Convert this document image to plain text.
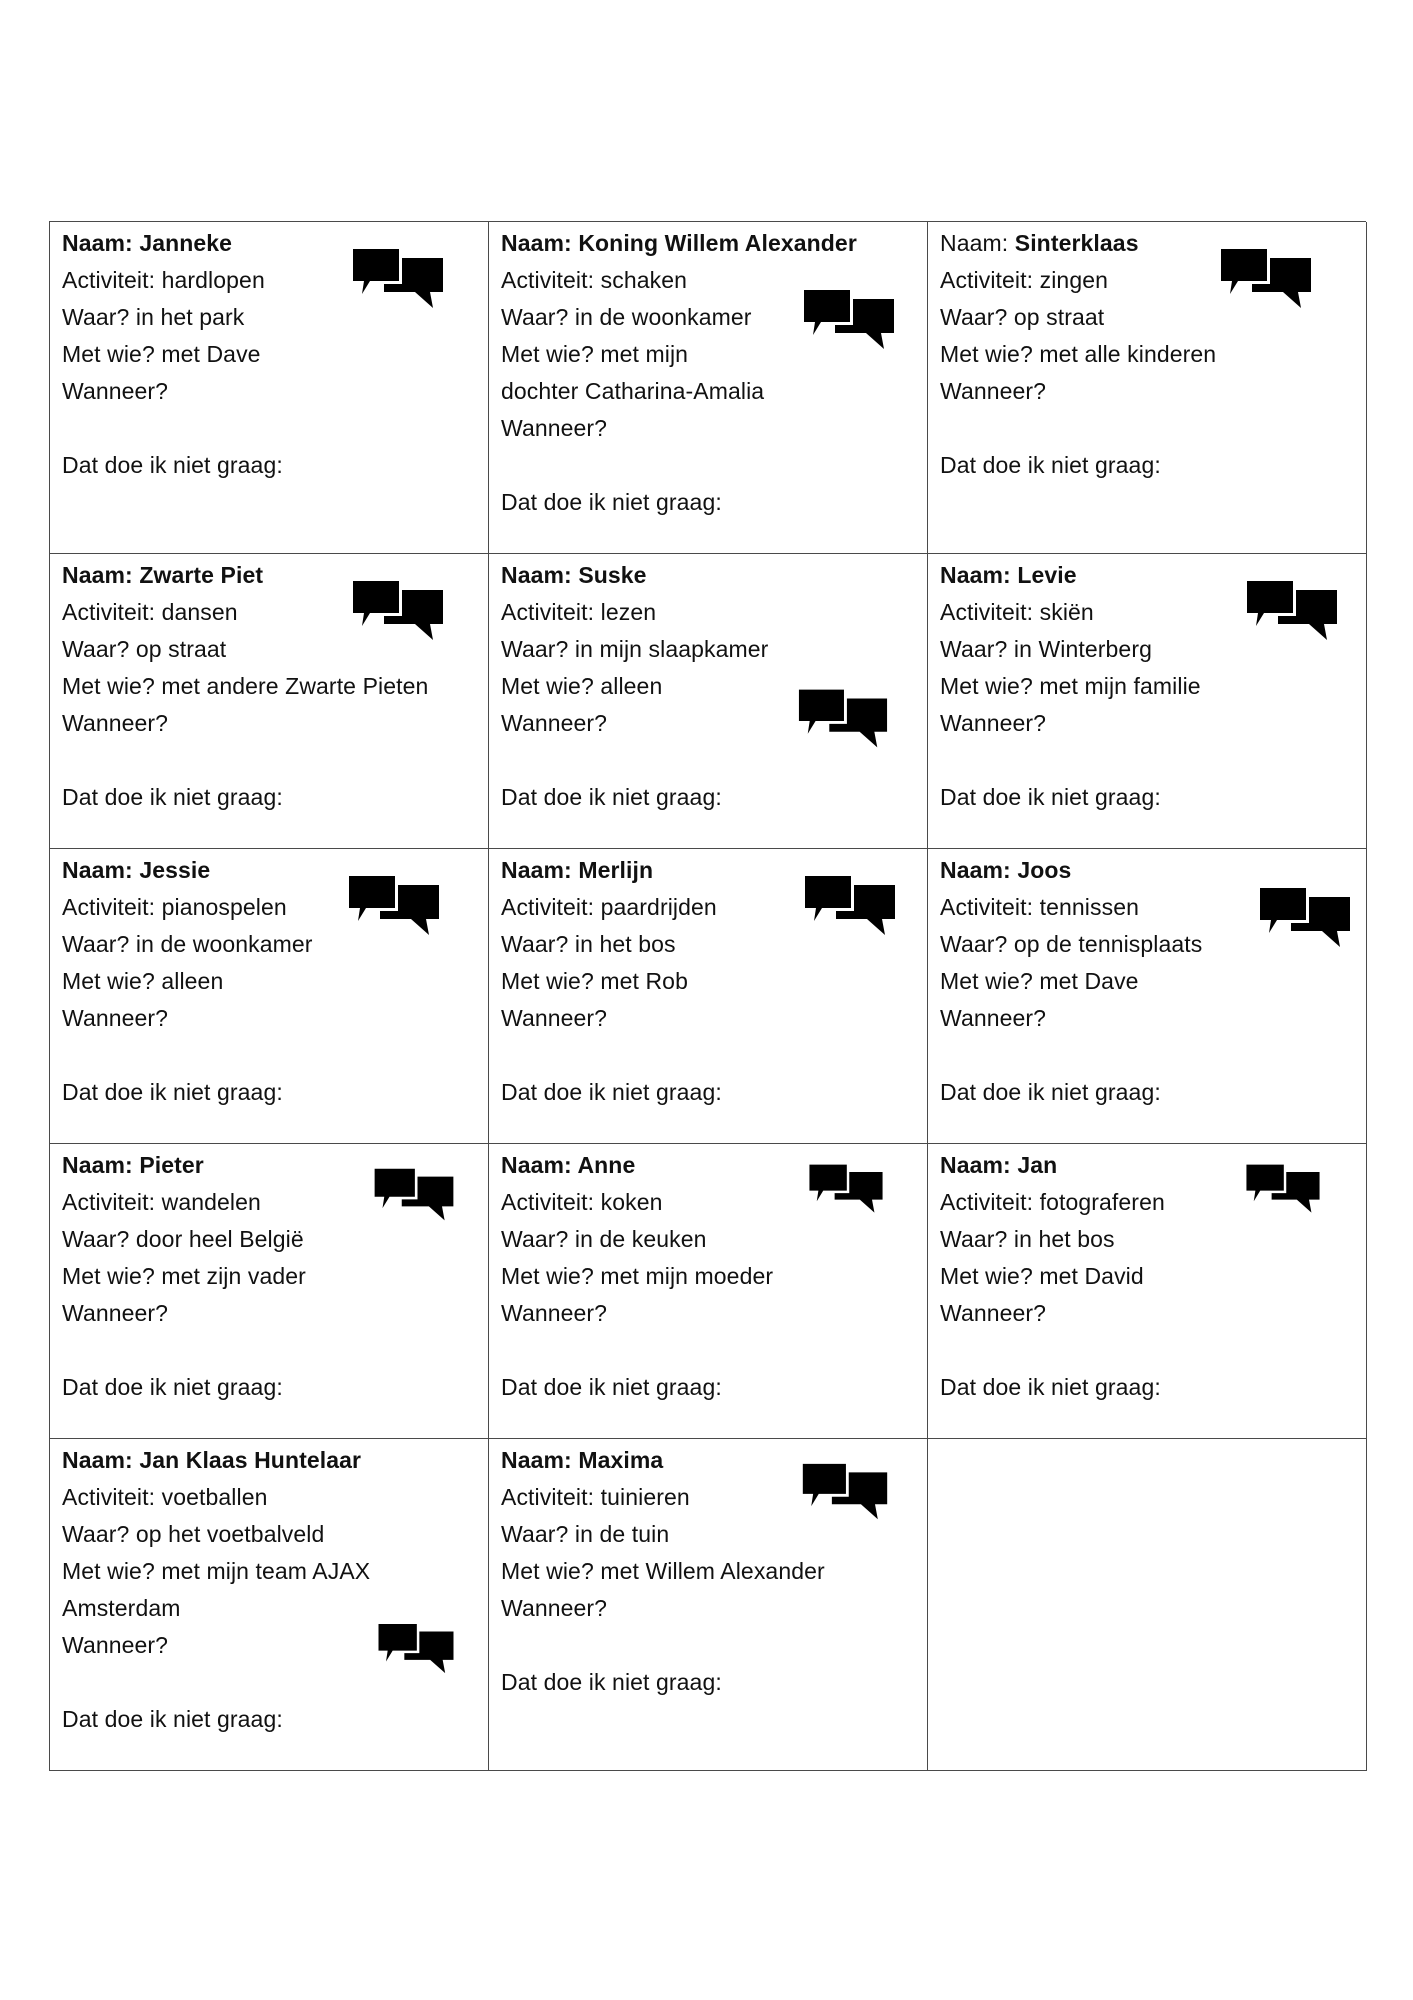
Naam: Janneke
Activiteit: hardlopen
Waar? in het park
Met wie? met Dave
Wanneer?
Dat doe ik niet graag:
Naam: Koning Willem Alexander
Activiteit: schaken
Waar? in de woonkamer
Met wie? met mijn
dochter Catharina-Amalia
Wanneer?
Dat doe ik niet graag:
Naam: Sinterklaas
Activiteit: zingen
Waar? op straat
Met wie? met alle kinderen
Wanneer?
Dat doe ik niet graag:
Naam: Zwarte Piet
Activiteit: dansen
Waar? op straat
Met wie? met andere Zwarte Pieten
Wanneer?
Dat doe ik niet graag:
Naam: Suske
Activiteit: lezen
Waar? in mijn slaapkamer
Met wie? alleen
Wanneer?
Dat doe ik niet graag:
Naam: Levie
Activiteit: skiën
Waar? in Winterberg
Met wie? met mijn familie
Wanneer?
Dat doe ik niet graag:
Naam: Jessie
Activiteit: pianospelen
Waar? in de woonkamer
Met wie? alleen
Wanneer?
Dat doe ik niet graag:
Naam: Merlijn
Activiteit: paardrijden
Waar? in het bos
Met wie? met Rob
Wanneer?
Dat doe ik niet graag:
Naam: Joos
Activiteit: tennissen
Waar? op de tennisplaats
Met wie? met Dave
Wanneer?
Dat doe ik niet graag:
Naam: Pieter
Activiteit: wandelen
Waar? door heel België
Met wie? met zijn vader
Wanneer?
Dat doe ik niet graag:
Naam: Anne
Activiteit: koken
Waar? in de keuken
Met wie? met mijn moeder
Wanneer?
Dat doe ik niet graag:
Naam: Jan
Activiteit: fotograferen
Waar? in het bos
Met wie? met David
Wanneer?
Dat doe ik niet graag:
Naam: Jan Klaas Huntelaar
Activiteit: voetballen
Waar? op het voetbalveld
Met wie? met mijn team AJAX
Amsterdam
Wanneer?
Dat doe ik niet graag:
Naam: Maxima
Activiteit: tuinieren
Waar? in de tuin
Met wie? met Willem Alexander
Wanneer?
Dat doe ik niet graag:
